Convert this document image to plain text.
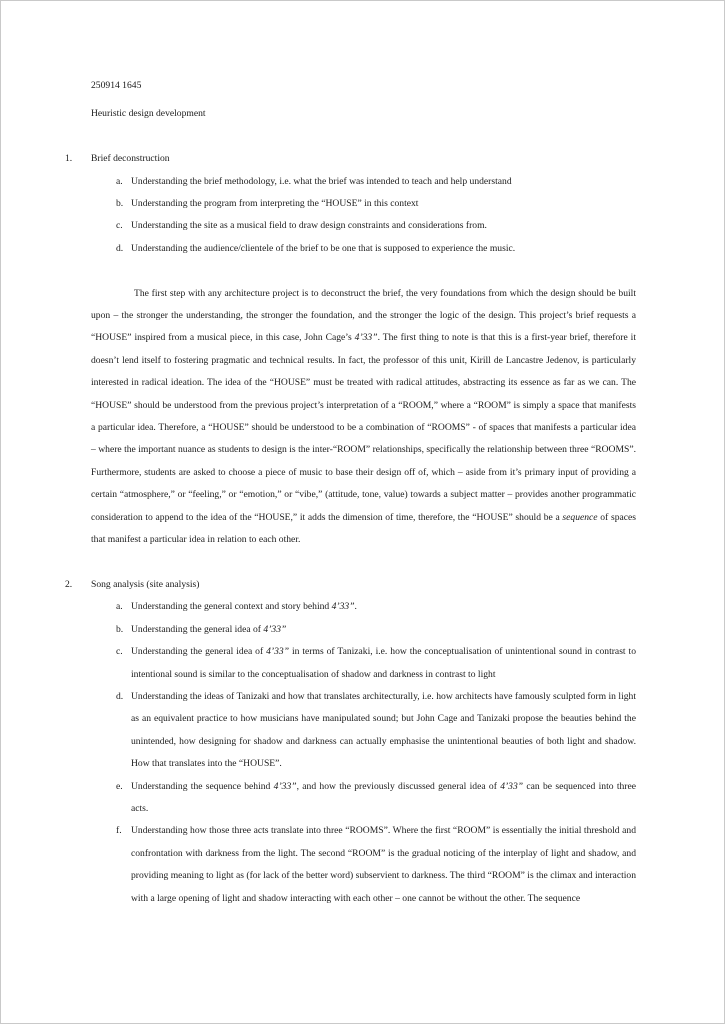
250914 1645

Heuristic design development

1.	Brief deconstruction
a. Understanding the brief methodology, i.e. what the brief was intended to teach and help understand
b. Understanding the program from interpreting the “HOUSE” in this context
c. Understanding the site as a musical field to draw design constraints and considerations from.
d. Understanding the audience/clientele of the brief to be one that is supposed to experience the music.

The first step with any architecture project is to deconstruct the brief, the very foundations from which the design should be built upon – the stronger the understanding, the stronger the foundation, and the stronger the logic of the design. This project’s brief requests a “HOUSE” inspired from a musical piece, in this case, John Cage’s 4’33”. The first thing to note is that this is a first-year brief, therefore it doesn’t lend itself to fostering pragmatic and technical results. In fact, the professor of this unit, Kirill de Lancastre Jedenov, is particularly interested in radical ideation. The idea of the “HOUSE” must be treated with radical attitudes, abstracting its essence as far as we can. The “HOUSE” should be understood from the previous project’s interpretation of a “ROOM,” where a “ROOM” is simply a space that manifests a particular idea. Therefore, a “HOUSE” should be understood to be a combination of “ROOMS” - of spaces that manifests a particular idea – where the important nuance as students to design is the inter-“ROOM” relationships, specifically the relationship between three “ROOMS”. Furthermore, students are asked to choose a piece of music to base their design off of, which – aside from it’s primary input of providing a certain “atmosphere,” or “feeling,” or “emotion,” or “vibe,” (attitude, tone, value) towards a subject matter – provides another programmatic consideration to append to the idea of the “HOUSE,” it adds the dimension of time, therefore, the “HOUSE” should be a sequence of spaces that manifest a particular idea in relation to each other.

2.	Song analysis (site analysis)
a. Understanding the general context and story behind 4’33”.
b. Understanding the general idea of 4’33”
c. Understanding the general idea of 4’33” in terms of Tanizaki, i.e. how the conceptualisation of unintentional sound in contrast to intentional sound is similar to the conceptualisation of shadow and darkness in contrast to light
d. Understanding the ideas of Tanizaki and how that translates architecturally, i.e. how architects have famously sculpted form in light as an equivalent practice to how musicians have manipulated sound; but John Cage and Tanizaki propose the beauties behind the unintended, how designing for shadow and darkness can actually emphasise the unintentional beauties of both light and shadow. How that translates into the “HOUSE”.
e. Understanding the sequence behind 4’33”, and how the previously discussed general idea of 4’33” can be sequenced into three acts.
f. Understanding how those three acts translate into three “ROOMS”. Where the first “ROOM” is essentially the initial threshold and confrontation with darkness from the light. The second “ROOM” is the gradual noticing of the interplay of light and shadow, and providing meaning to light as (for lack of the better word) subservient to darkness. The third “ROOM” is the climax and interaction with a large opening of light and shadow interacting with each other – one cannot be without the other. The sequence
